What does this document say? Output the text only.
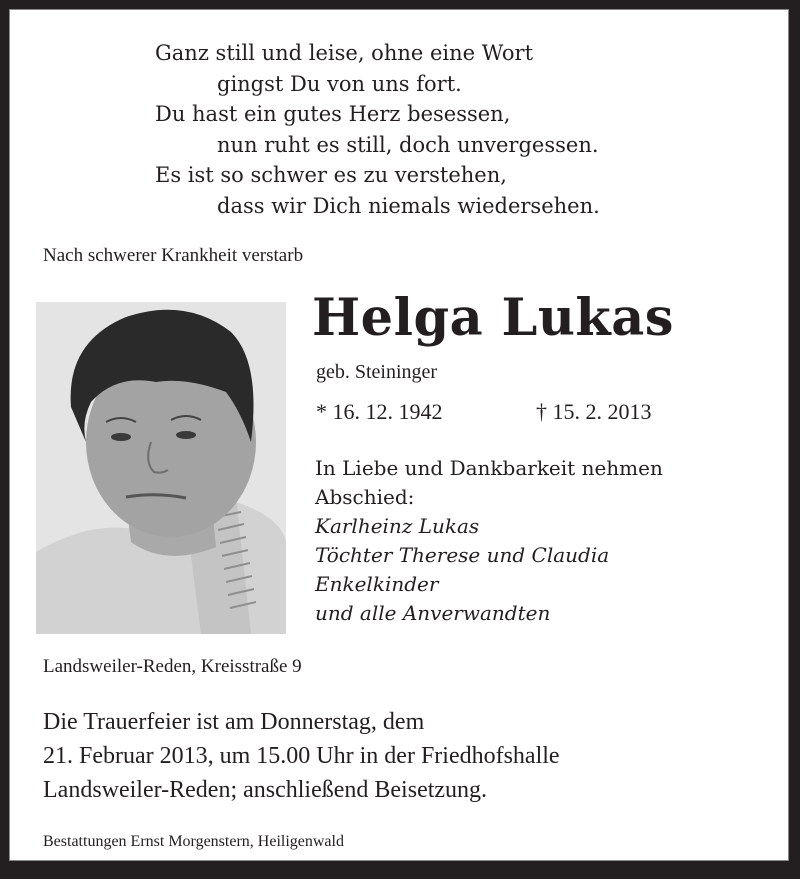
Ganz still und leise, ohne eine Wort
gingst Du von uns fort.
Du hast ein gutes Herz besessen,
nun ruht es still, doch unvergessen.
Es ist so schwer es zu verstehen,
dass wir Dich niemals wiedersehen.
Nach schwerer Krankheit verstarb
Helga Lukas
geb. Steininger
* 16. 12. 1942	† 15. 2. 2013
In Liebe und Dankbarkeit nehmen
Abschied:
Karlheinz Lukas
Töchter Therese und Claudia
Enkelkinder
und alle Anverwandten
Landsweiler-Reden, Kreisstraße 9
Die Trauerfeier ist am Donnerstag, dem
21. Februar 2013, um 15.00 Uhr in der Friedhofshalle
Landsweiler-Reden; anschließend Beisetzung.
Bestattungen Ernst Morgenstern, Heiligenwald
